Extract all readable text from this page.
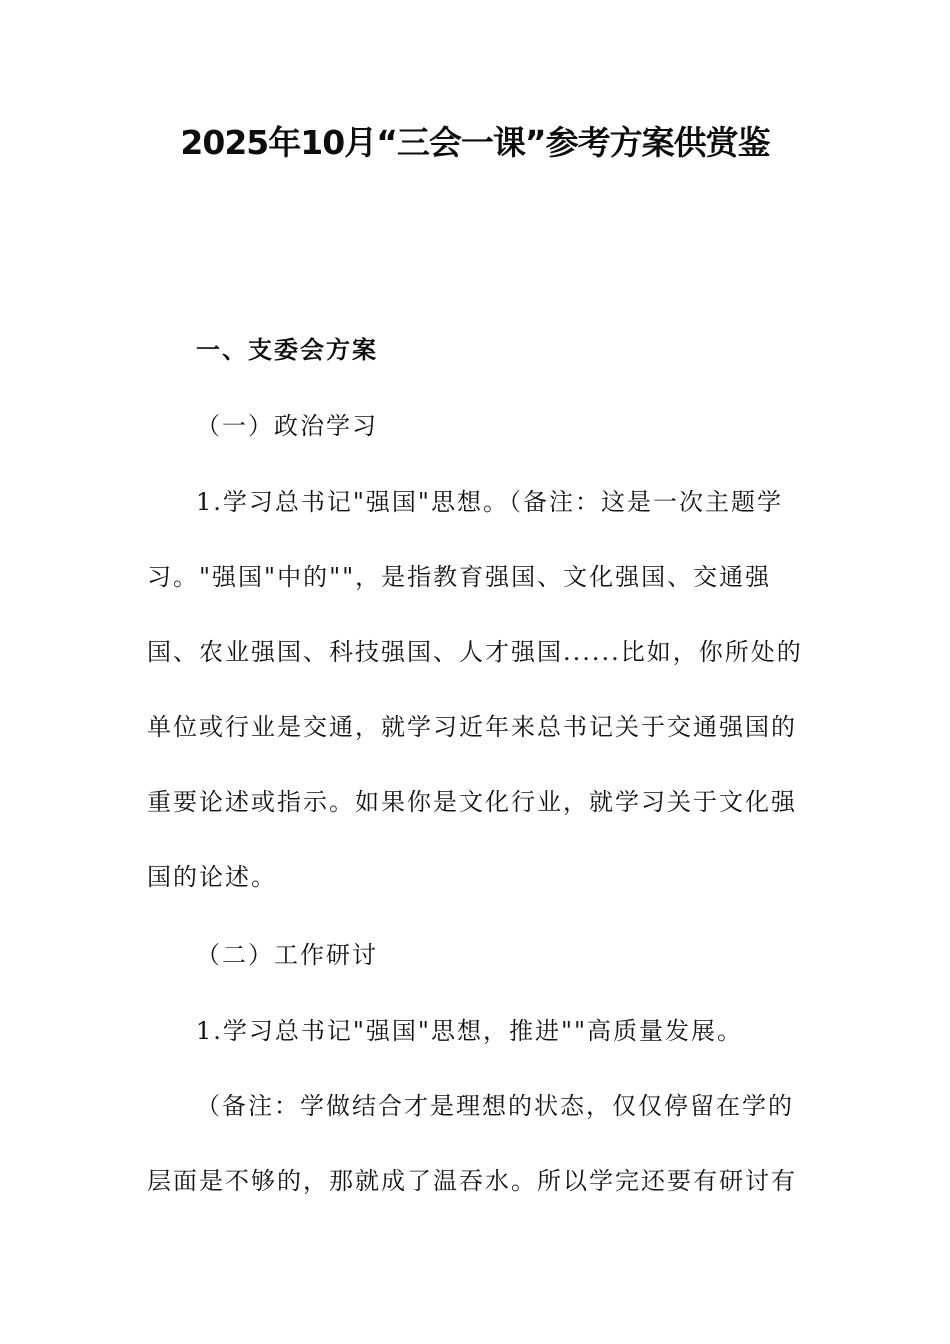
2025年10月“三会一课”参考方案供赏鉴
一、支委会方案
（一）政治学习

1.学习总书记"强国"思想。（备注：这是一次主题学习。"强国"中的""，是指教育强国、文化强国、交通强国、农业强国、科技强国、人才强国......比如，你所处的单位或行业是交通，就学习近年来总书记关于交通强国的重要论述或指示。如果你是文化行业，就学习关于文化强国的论述。

（二）工作研讨

1.学习总书记"强国"思想，推进""高质量发展。

（备注：学做结合才是理想的状态，仅仅停留在学的层面是不够的，那就成了温吞水。所以学完还要有研讨有
